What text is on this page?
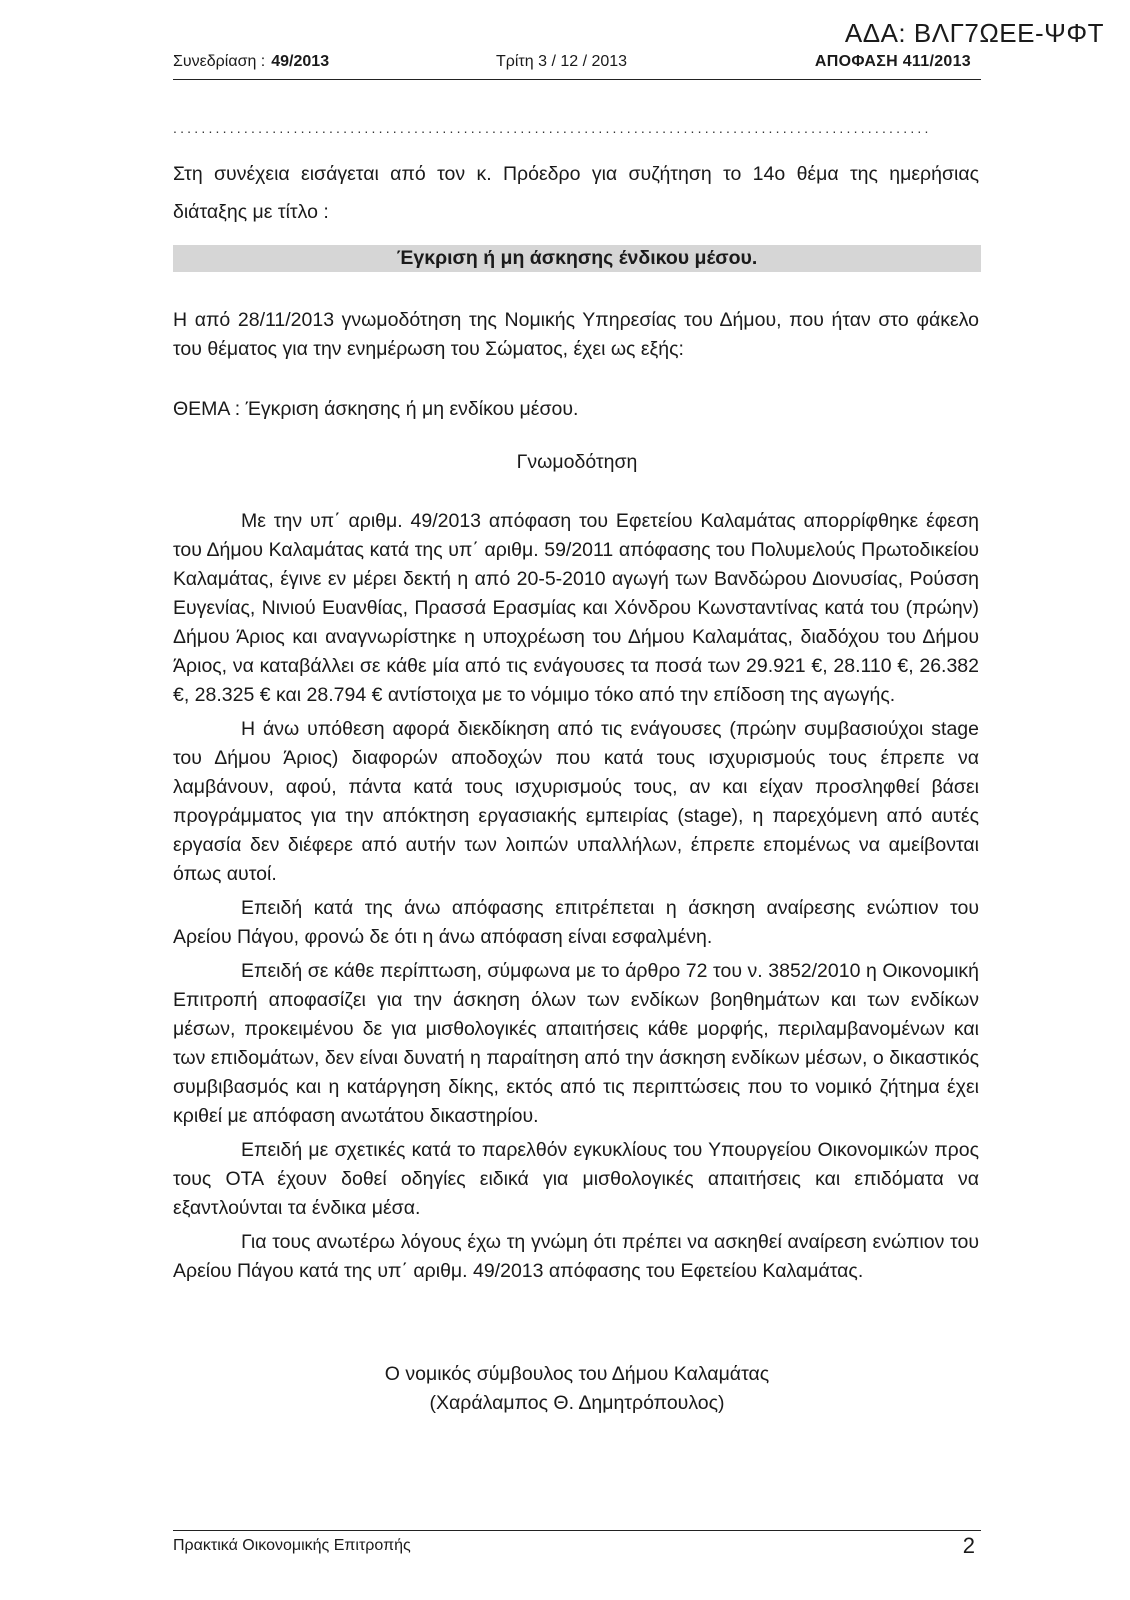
ΑΔΑ: ΒΛΓ7ΩΕΕ-ΨΦΤ
Συνεδρίαση : 49/2013	Τρίτη 3 / 12 / 2013	ΑΠΟΦΑΣΗ 411/2013
...........................................................................................................
Στη συνέχεια εισάγεται από τον κ. Πρόεδρο για συζήτηση το 14ο θέμα της ημερήσιας διάταξης με τίτλο :
Έγκριση ή μη άσκησης ένδικου μέσου.
Η από 28/11/2013 γνωμοδότηση της Νομικής Υπηρεσίας του Δήμου, που ήταν στο φάκελο του θέματος για την ενημέρωση του Σώματος, έχει ως εξής:
ΘΕΜΑ : Έγκριση άσκησης ή μη ενδίκου μέσου.
Γνωμοδότηση

Με την υπ΄ αριθμ. 49/2013 απόφαση του Εφετείου Καλαμάτας απορρίφθηκε έφεση του Δήμου Καλαμάτας κατά της υπ΄ αριθμ. 59/2011 απόφασης του Πολυμελούς Πρωτοδικείου Καλαμάτας, έγινε εν μέρει δεκτή η από 20-5-2010 αγωγή των Βανδώρου Διονυσίας, Ρούσση Ευγενίας, Νινιού Ευανθίας, Πρασσά Ερασμίας και Χόνδρου Κωνσταντίνας κατά του (πρώην) Δήμου Άριος και αναγνωρίστηκε η υποχρέωση του Δήμου Καλαμάτας, διαδόχου του Δήμου Άριος, να καταβάλλει σε κάθε μία από τις ενάγουσες τα ποσά των 29.921 €, 28.110 €, 26.382 €, 28.325 € και 28.794 € αντίστοιχα με το νόμιμο τόκο από την επίδοση της αγωγής.

Η άνω υπόθεση αφορά διεκδίκηση από τις ενάγουσες (πρώην συμβασιούχοι stage του Δήμου Άριος) διαφορών αποδοχών που κατά τους ισχυρισμούς τους έπρεπε να λαμβάνουν, αφού, πάντα κατά τους ισχυρισμούς τους, αν και είχαν προσληφθεί βάσει προγράμματος για την απόκτηση εργασιακής εμπειρίας (stage), η παρεχόμενη από αυτές εργασία δεν διέφερε από αυτήν των λοιπών υπαλλήλων, έπρεπε επομένως να αμείβονται όπως αυτοί.

Επειδή κατά της άνω απόφασης επιτρέπεται η άσκηση αναίρεσης ενώπιον του Αρείου Πάγου, φρονώ δε ότι η άνω απόφαση είναι εσφαλμένη.

Επειδή σε κάθε περίπτωση, σύμφωνα με το άρθρο 72 του ν. 3852/2010 η Οικονομική Επιτροπή αποφασίζει για την άσκηση όλων των ενδίκων βοηθημάτων και των ενδίκων μέσων, προκειμένου δε για μισθολογικές απαιτήσεις κάθε μορφής, περιλαμβανομένων και των επιδομάτων, δεν είναι δυνατή η παραίτηση από την άσκηση ενδίκων μέσων, ο δικαστικός συμβιβασμός και η κατάργηση δίκης, εκτός από τις περιπτώσεις που το νομικό ζήτημα έχει κριθεί με απόφαση ανωτάτου δικαστηρίου.

Επειδή με σχετικές κατά το παρελθόν εγκυκλίους του Υπουργείου Οικονομικών προς τους ΟΤΑ έχουν δοθεί οδηγίες ειδικά για μισθολογικές απαιτήσεις και επιδόματα να εξαντλούνται τα ένδικα μέσα.

Για τους ανωτέρω λόγους έχω τη γνώμη ότι πρέπει να ασκηθεί αναίρεση ενώπιον του Αρείου Πάγου κατά της υπ΄ αριθμ. 49/2013 απόφασης του Εφετείου Καλαμάτας.

Ο νομικός σύμβουλος του Δήμου Καλαμάτας
(Χαράλαμπος Θ. Δημητρόπουλος)
Πρακτικά Οικονομικής Επιτροπής	2
